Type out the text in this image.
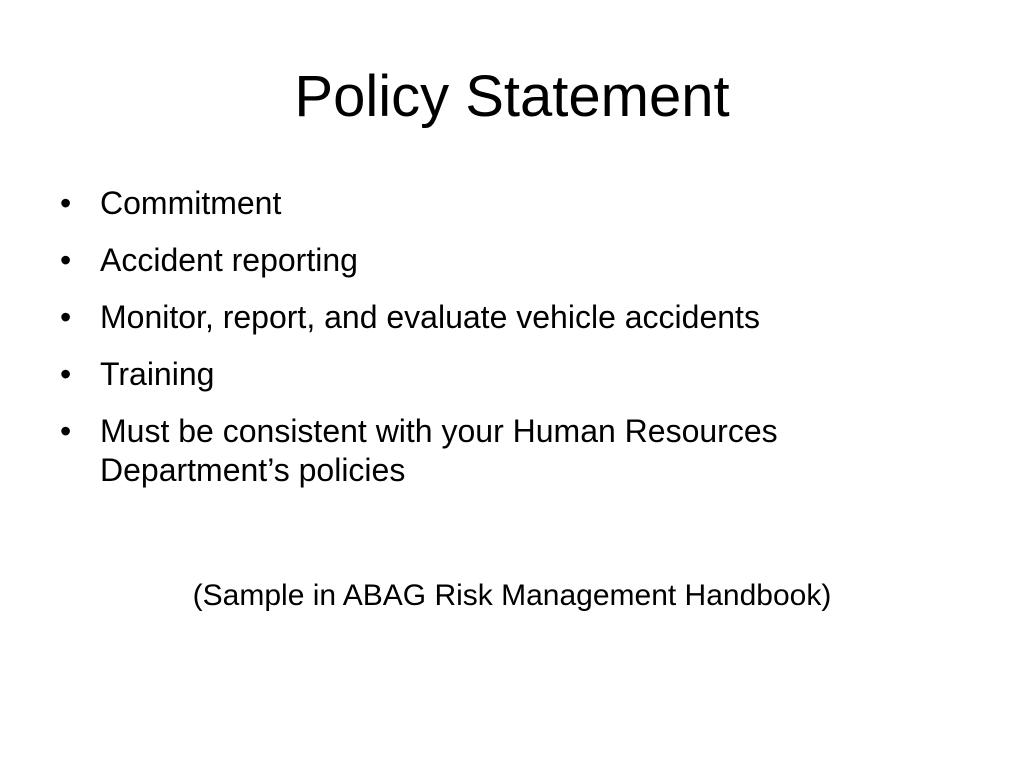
Policy Statement
• Commitment
• Accident reporting
• Monitor, report, and evaluate vehicle accidents
• Training
• Must be consistent with your Human Resources Department’s policies
(Sample in ABAG Risk Management Handbook)
